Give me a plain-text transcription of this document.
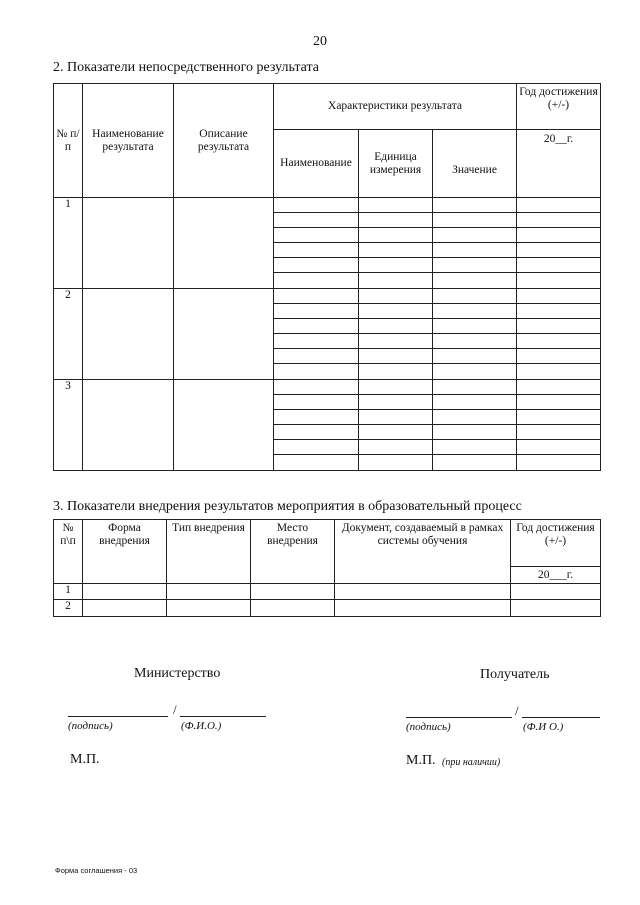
20
2. Показатели непосредственного результата
№ п/п	Наименование результата	Описание результата	Характеристики результата			Год достижения (+/-)
			Наименование	Единица измерения	Значение	20__г.
1						

2						

3						

3. Показатели внедрения результатов мероприятия в образовательный процесс
№ п\п	Форма внедрения	Тип внедрения	Место внедрения	Документ, создаваемый в рамках системы обучения	Год достижения (+/-)
					20___г.
1					
2					
Министерство	Получатель
/
(подпись)	(Ф.И.О.)
/
(подпись)	(Ф.И О.)
М.П.	М.П. (при наличии)
Форма соглашения - 03
